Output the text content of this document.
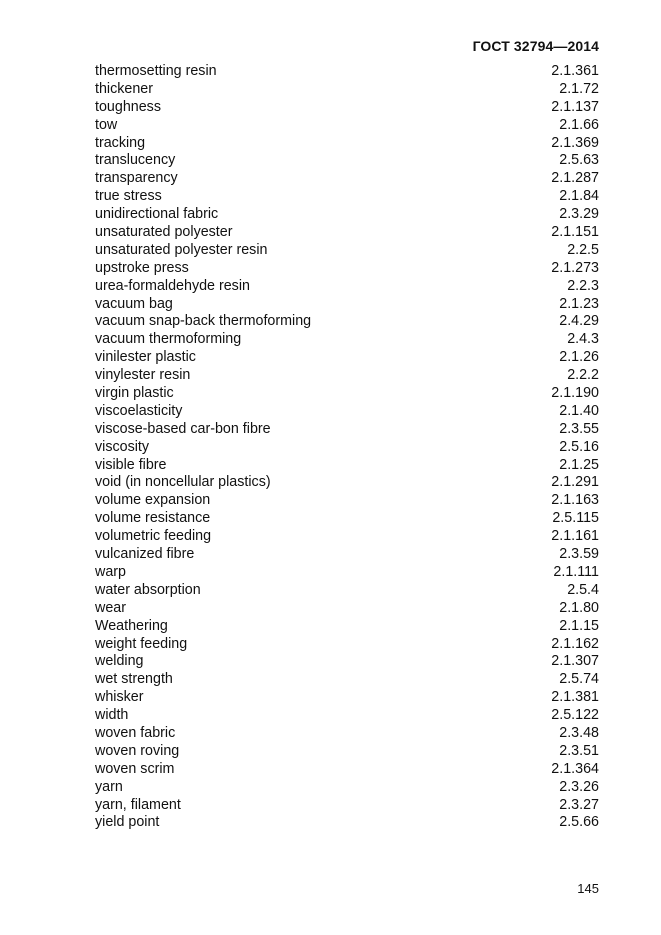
ГОСТ 32794—2014
thermosetting resin	2.1.361
thickener	2.1.72
toughness	2.1.137
tow	2.1.66
tracking	2.1.369
translucency	2.5.63
transparency	2.1.287
true stress	2.1.84
unidirectional fabric	2.3.29
unsaturated polyester	2.1.151
unsaturated polyester resin	2.2.5
upstroke press	2.1.273
urea-formaldehyde resin	2.2.3
vacuum bag	2.1.23
vacuum snap-back thermoforming	2.4.29
vacuum thermoforming	2.4.3
vinilester plastic	2.1.26
vinylester resin	2.2.2
virgin plastic	2.1.190
viscoelasticity	2.1.40
viscose-based car-bon fibre	2.3.55
viscosity	2.5.16
visible fibre	2.1.25
void (in noncellular plastics)	2.1.291
volume expansion	2.1.163
volume resistance	2.5.115
volumetric feeding	2.1.161
vulcanized fibre	2.3.59
warp	2.1.111
water absorption	2.5.4
wear	2.1.80
Weathering	2.1.15
weight feeding	2.1.162
welding	2.1.307
wet strength	2.5.74
whisker	2.1.381
width	2.5.122
woven fabric	2.3.48
woven roving	2.3.51
woven scrim	2.1.364
yarn	2.3.26
yarn, filament	2.3.27
yield point	2.5.66
145
